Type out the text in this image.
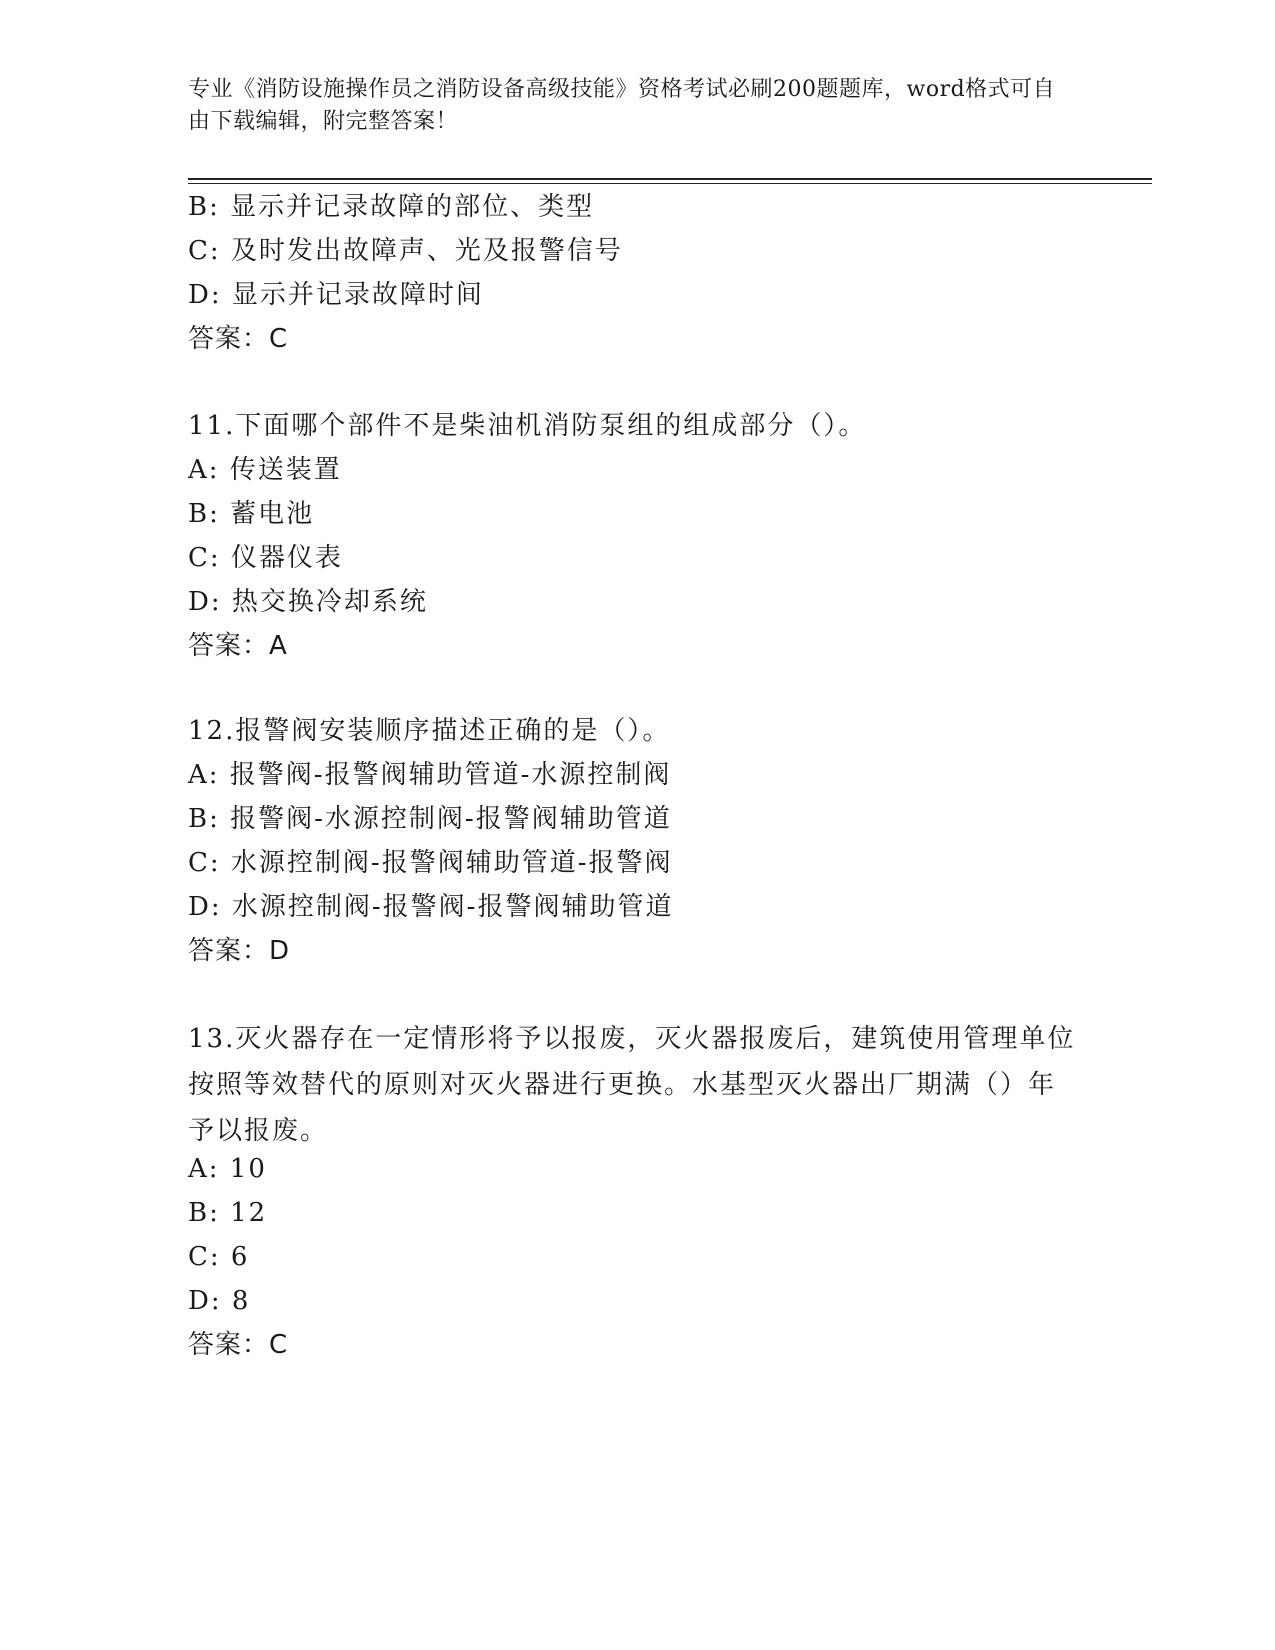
专业《消防设施操作员之消防设备高级技能》资格考试必刷200题题库，word格式可自由下载编辑，附完整答案！
B: 显示并记录故障的部位、类型
C: 及时发出故障声、光及报警信号
D: 显示并记录故障时间
答案：C
11.下面哪个部件不是柴油机消防泵组的组成部分（）。
A: 传送装置
B: 蓄电池
C: 仪器仪表
D: 热交换冷却系统
答案：A
12.报警阀安装顺序描述正确的是（）。
A: 报警阀-报警阀辅助管道-水源控制阀
B: 报警阀-水源控制阀-报警阀辅助管道
C: 水源控制阀-报警阀辅助管道-报警阀
D: 水源控制阀-报警阀-报警阀辅助管道
答案：D
13.灭火器存在一定情形将予以报废，灭火器报废后，建筑使用管理单位按照等效替代的原则对灭火器进行更换。水基型灭火器出厂期满（）年予以报废。
A: 10
B: 12
C: 6
D: 8
答案：C
